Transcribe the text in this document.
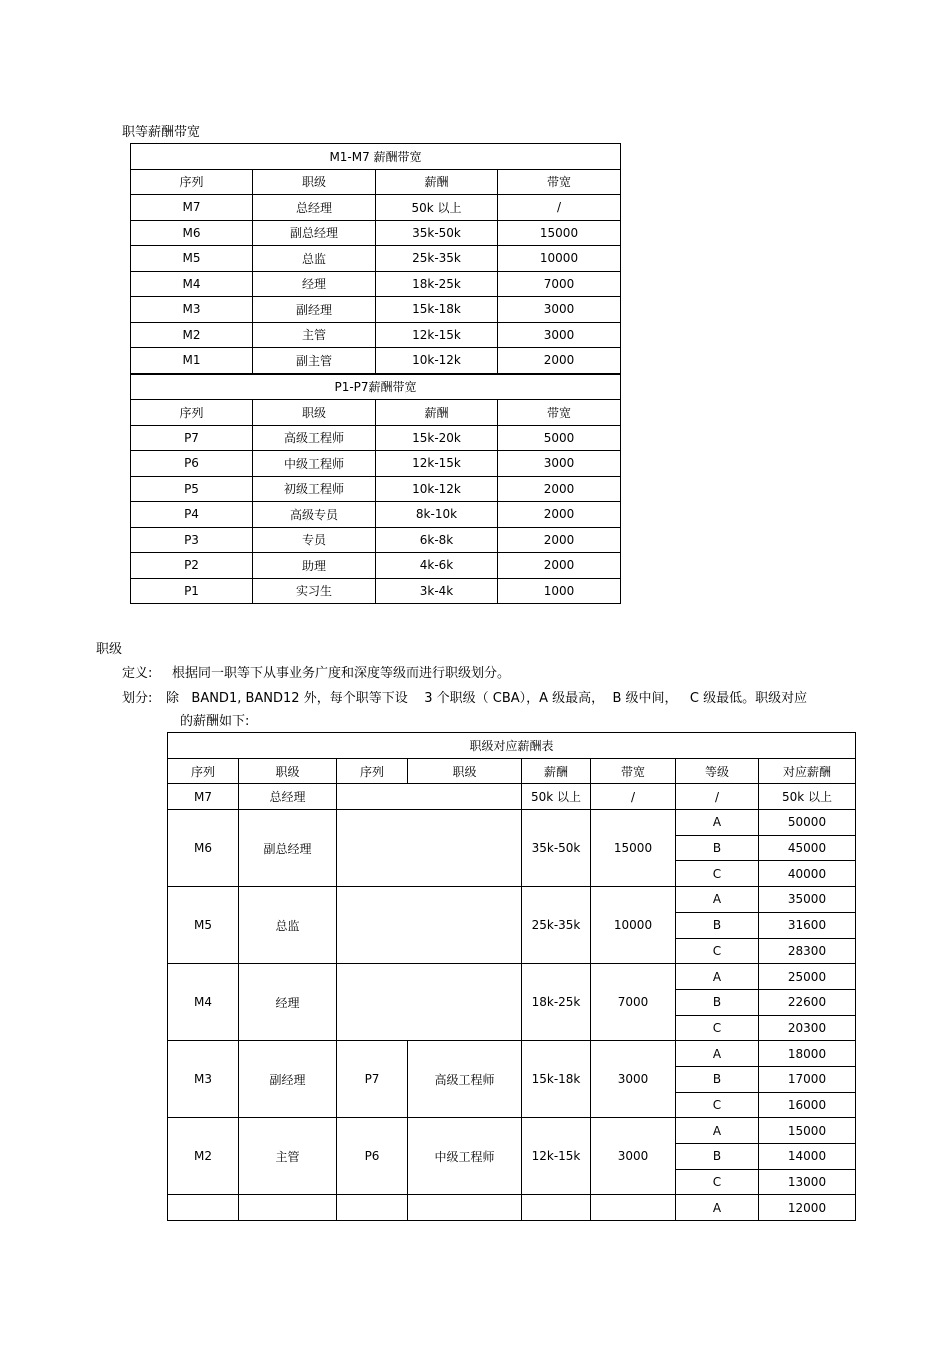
职等薪酬带宽
M1-M7 薪酬带宽			
序列	职级	薪酬	带宽
M7	总经理	50k 以上	/
M6	副总经理	35k-50k	15000
M5	总监	25k-35k	10000
M4	经理	18k-25k	7000
M3	副经理	15k-18k	3000
M2	主管	12k-15k	3000
M1	副主管	10k-12k	2000
P1-P7薪酬带宽			
序列	职级	薪酬	带宽
P7	高级工程师	15k-20k	5000
P6	中级工程师	12k-15k	3000
P5	初级工程师	10k-12k	2000
P4	高级专员	8k-10k	2000
P3	专员	6k-8k	2000
P2	助理	4k-6k	2000
P1	实习生	3k-4k	1000
职级
定义: 根据同一职等下从事业务广度和深度等级而进行职级划分。
划分: 除   BAND1, BAND12 外，每个职等下设    3 个职级（ CBA），A 级最高，  B 级中间，   C 级最低。职级对应
的薪酬如下:
职级对应薪酬表							
序列	职级	序列	职级	薪酬	带宽	等级	对应薪酬
M7	总经理			50k 以上	/	/	50k 以上
M6	副总经理			35k-50k	15000	A	50000
						B	45000
						C	40000
M5	总监			25k-35k	10000	A	35000
						B	31600
						C	28300
M4	经理			18k-25k	7000	A	25000
						B	22600
						C	20300
M3	副经理	P7	高级工程师	15k-18k	3000	A	18000
						B	17000
						C	16000
M2	主管	P6	中级工程师	12k-15k	3000	A	15000
						B	14000
						C	13000
						A	12000
